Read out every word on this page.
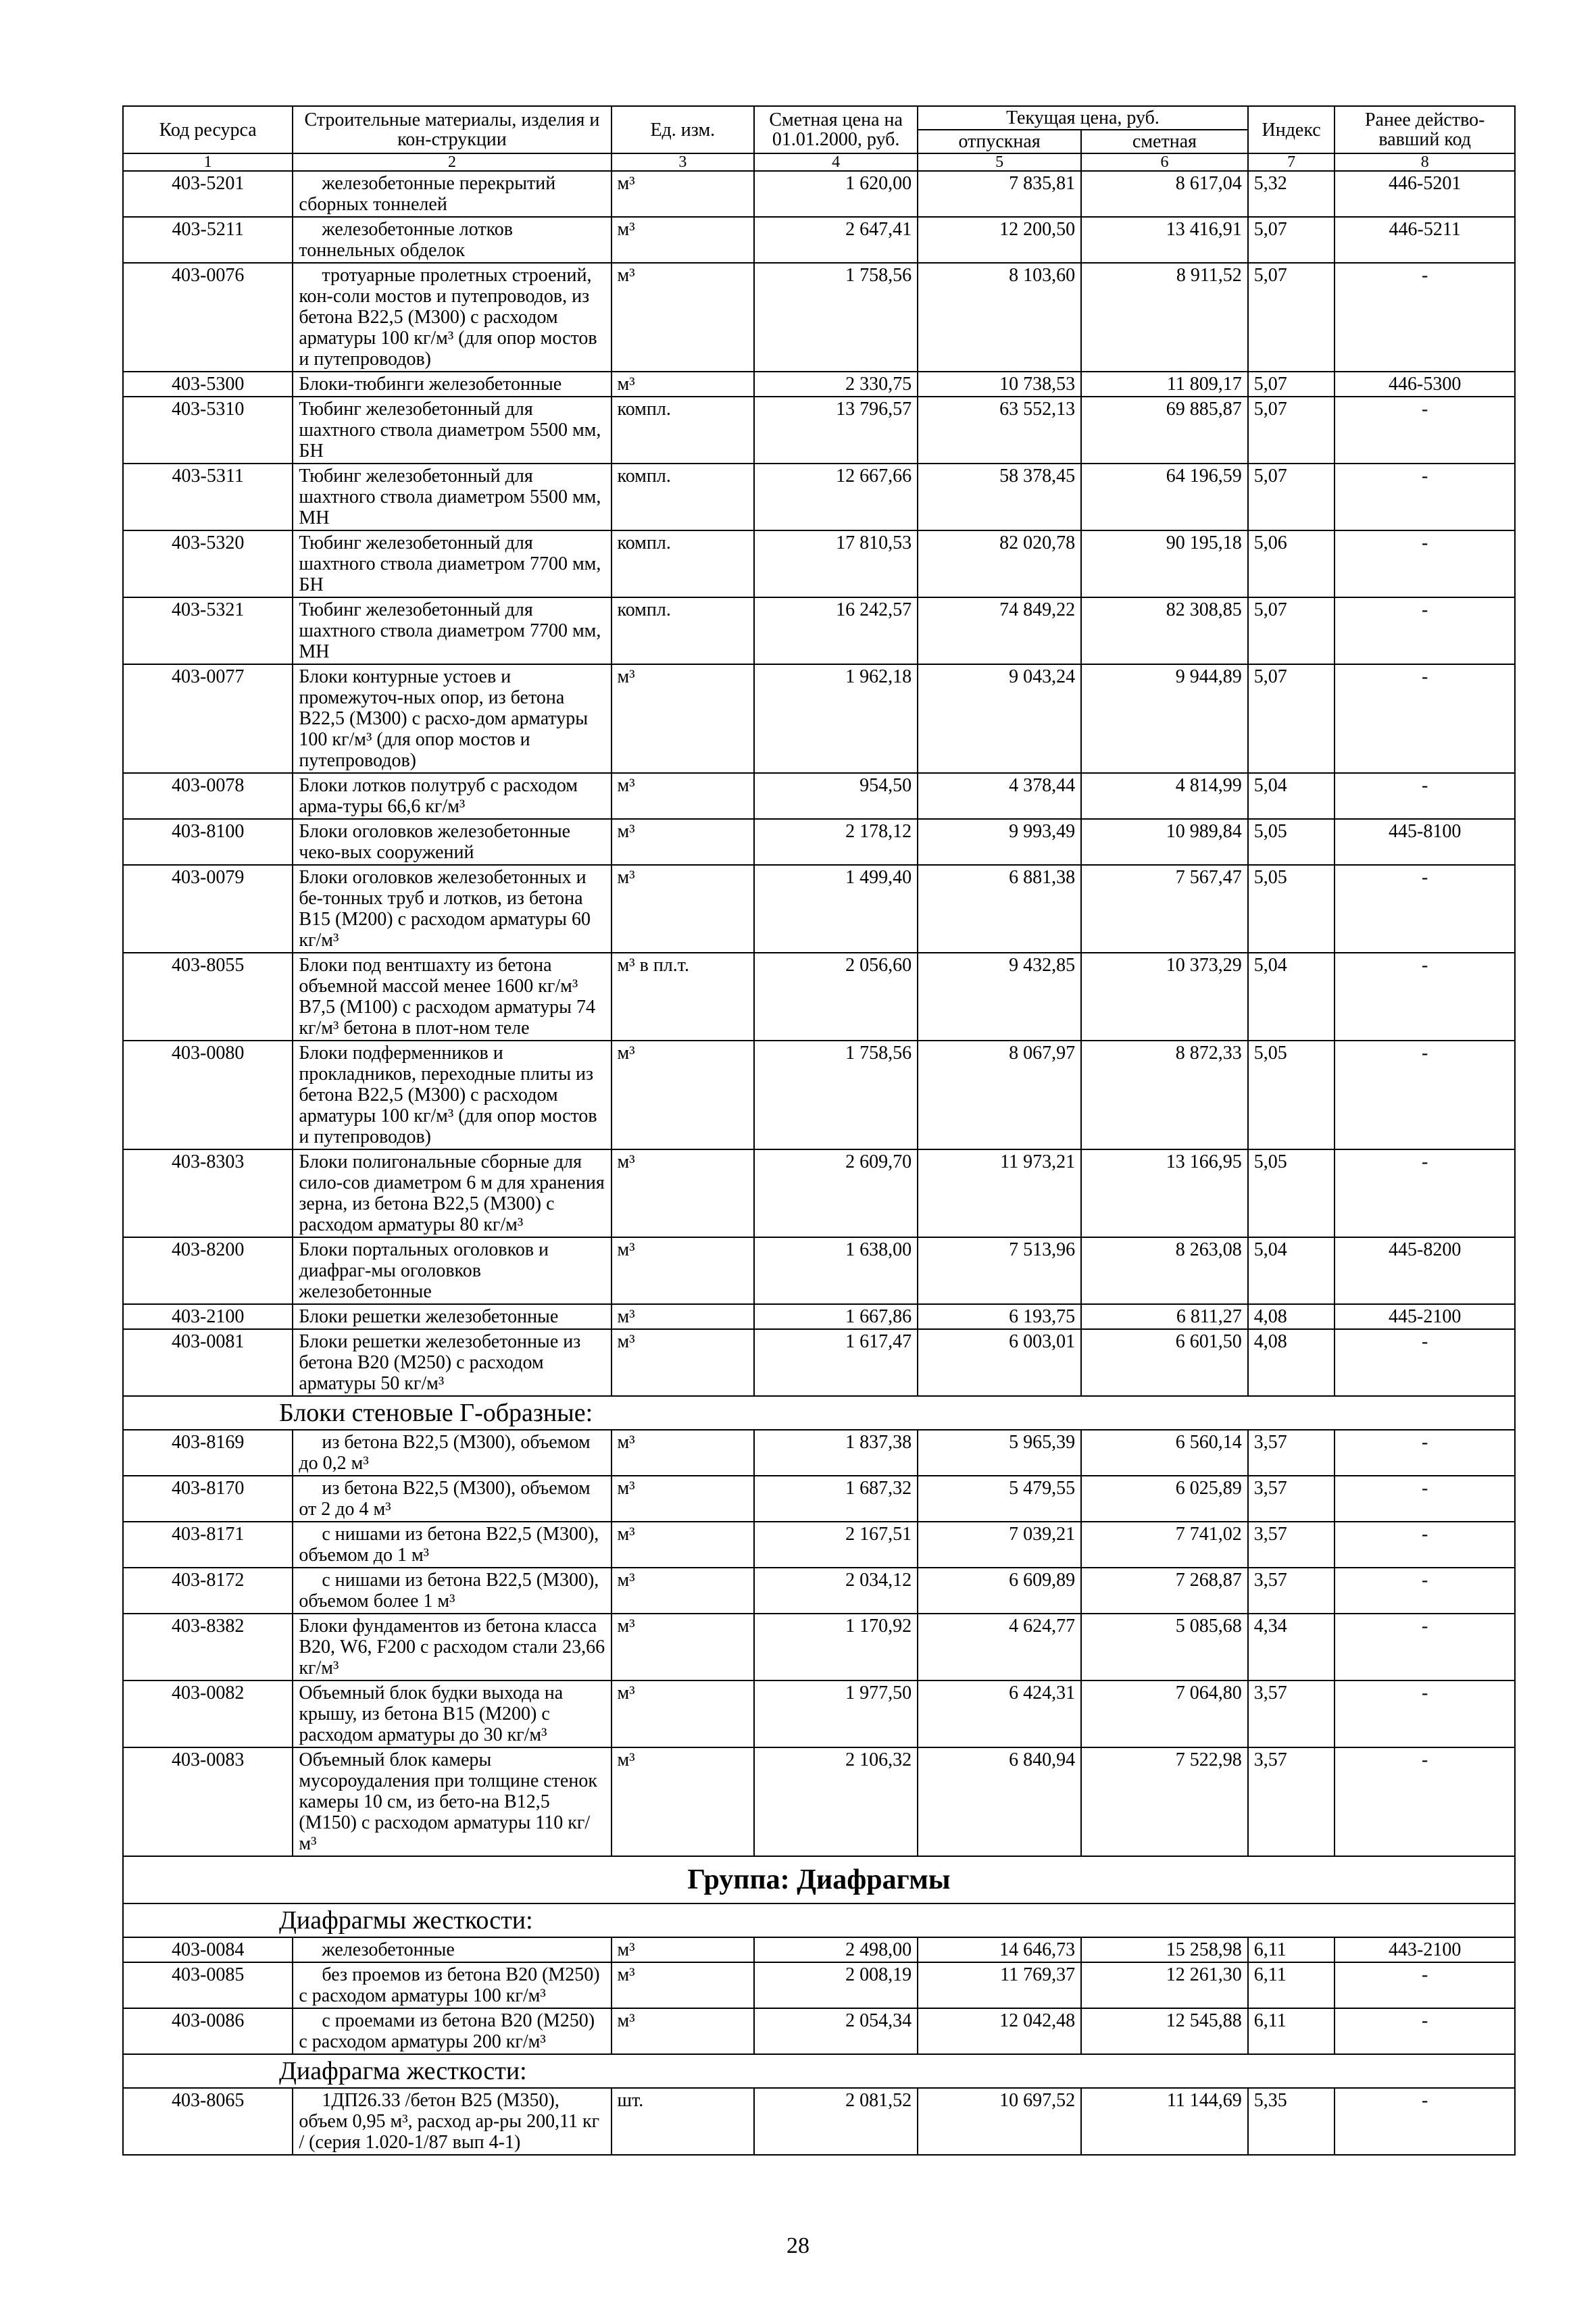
Код ресурса	Строительные материалы, изделия и кон-струкции	Ед. изм.	Сметная цена на 01.01.2000, руб.	Текущая цена, руб.		Индекс	Ранее действо-вавший код
				отпускная	сметная		
1	2	3	4	5	6	7	8
403-5201	железобетонные перекрытий сборных тоннелей	м³	1 620,00	7 835,81	8 617,04	5,32	446-5201
403-5211	железобетонные лотков тоннельных обделок	м³	2 647,41	12 200,50	13 416,91	5,07	446-5211
403-0076	тротуарные пролетных строений, кон-соли мостов и путепроводов, из бетона В22,5 (М300) с расходом арматуры 100 кг/м³ (для опор мостов и путепроводов)	м³	1 758,56	8 103,60	8 911,52	5,07	-
403-5300	Блоки-тюбинги железобетонные	м³	2 330,75	10 738,53	11 809,17	5,07	446-5300
403-5310	Тюбинг железобетонный для шахтного ствола диаметром 5500 мм, БН	компл.	13 796,57	63 552,13	69 885,87	5,07	-
403-5311	Тюбинг железобетонный для шахтного ствола диаметром 5500 мм, МН	компл.	12 667,66	58 378,45	64 196,59	5,07	-
403-5320	Тюбинг железобетонный для шахтного ствола диаметром 7700 мм, БН	компл.	17 810,53	82 020,78	90 195,18	5,06	-
403-5321	Тюбинг железобетонный для шахтного ствола диаметром 7700 мм, МН	компл.	16 242,57	74 849,22	82 308,85	5,07	-
403-0077	Блоки контурные устоев и промежуточ-ных опор, из бетона В22,5 (М300) с расхо-дом арматуры 100 кг/м³ (для опор мостов и путепроводов)	м³	1 962,18	9 043,24	9 944,89	5,07	-
403-0078	Блоки лотков полутруб с расходом арма-туры 66,6 кг/м³	м³	954,50	4 378,44	4 814,99	5,04	-
403-8100	Блоки оголовков железобетонные чеко-вых сооружений	м³	2 178,12	9 993,49	10 989,84	5,05	445-8100
403-0079	Блоки оголовков железобетонных и бе-тонных труб и лотков, из бетона В15 (М200) с расходом арматуры 60 кг/м³	м³	1 499,40	6 881,38	7 567,47	5,05	-
403-8055	Блоки под вентшахту из бетона объемной массой менее 1600 кг/м³ В7,5 (М100) с расходом арматуры 74 кг/м³ бетона в плот-ном теле	м³ в пл.т.	2 056,60	9 432,85	10 373,29	5,04	-
403-0080	Блоки подферменников и прокладников, переходные плиты из бетона В22,5 (М300) с расходом арматуры 100 кг/м³ (для опор мостов и путепроводов)	м³	1 758,56	8 067,97	8 872,33	5,05	-
403-8303	Блоки полигональные сборные для сило-сов диаметром 6 м для хранения зерна, из бетона В22,5 (М300) с расходом арматуры 80 кг/м³	м³	2 609,70	11 973,21	13 166,95	5,05	-
403-8200	Блоки портальных оголовков и диафраг-мы оголовков железобетонные	м³	1 638,00	7 513,96	8 263,08	5,04	445-8200
403-2100	Блоки решетки железобетонные	м³	1 667,86	6 193,75	6 811,27	4,08	445-2100
403-0081	Блоки решетки железобетонные из бетона В20 (М250) с расходом арматуры 50 кг/м³	м³	1 617,47	6 003,01	6 601,50	4,08	-
Блоки стеновые Г-образные:							
403-8169	из бетона В22,5 (М300), объемом до 0,2 м³	м³	1 837,38	5 965,39	6 560,14	3,57	-
403-8170	из бетона В22,5 (М300), объемом от 2 до 4 м³	м³	1 687,32	5 479,55	6 025,89	3,57	-
403-8171	с нишами из бетона В22,5 (М300), объемом до 1 м³	м³	2 167,51	7 039,21	7 741,02	3,57	-
403-8172	с нишами из бетона В22,5 (М300), объемом более 1 м³	м³	2 034,12	6 609,89	7 268,87	3,57	-
403-8382	Блоки фундаментов из бетона класса В20, W6, F200 с расходом стали 23,66 кг/м³	м³	1 170,92	4 624,77	5 085,68	4,34	-
403-0082	Объемный блок будки выхода на крышу, из бетона В15 (М200) с расходом арматуры до 30 кг/м³	м³	1 977,50	6 424,31	7 064,80	3,57	-
403-0083	Объемный блок камеры мусороудаления при толщине стенок камеры 10 см, из бето-на В12,5 (М150) с расходом арматуры 110 кг/м³	м³	2 106,32	6 840,94	7 522,98	3,57	-
Группа: Диафрагмы							
Диафрагмы жесткости:							
403-0084	железобетонные	м³	2 498,00	14 646,73	15 258,98	6,11	443-2100
403-0085	без проемов из бетона В20 (М250) с расходом арматуры 100 кг/м³	м³	2 008,19	11 769,37	12 261,30	6,11	-
403-0086	с проемами из бетона В20 (М250) с расходом арматуры 200 кг/м³	м³	2 054,34	12 042,48	12 545,88	6,11	-
Диафрагма жесткости:							
403-8065	1ДП26.33 /бетон В25 (М350), объем 0,95 м³, расход ар-ры 200,11 кг / (серия 1.020-1/87 вып 4-1)	шт.	2 081,52	10 697,52	11 144,69	5,35	-
28
